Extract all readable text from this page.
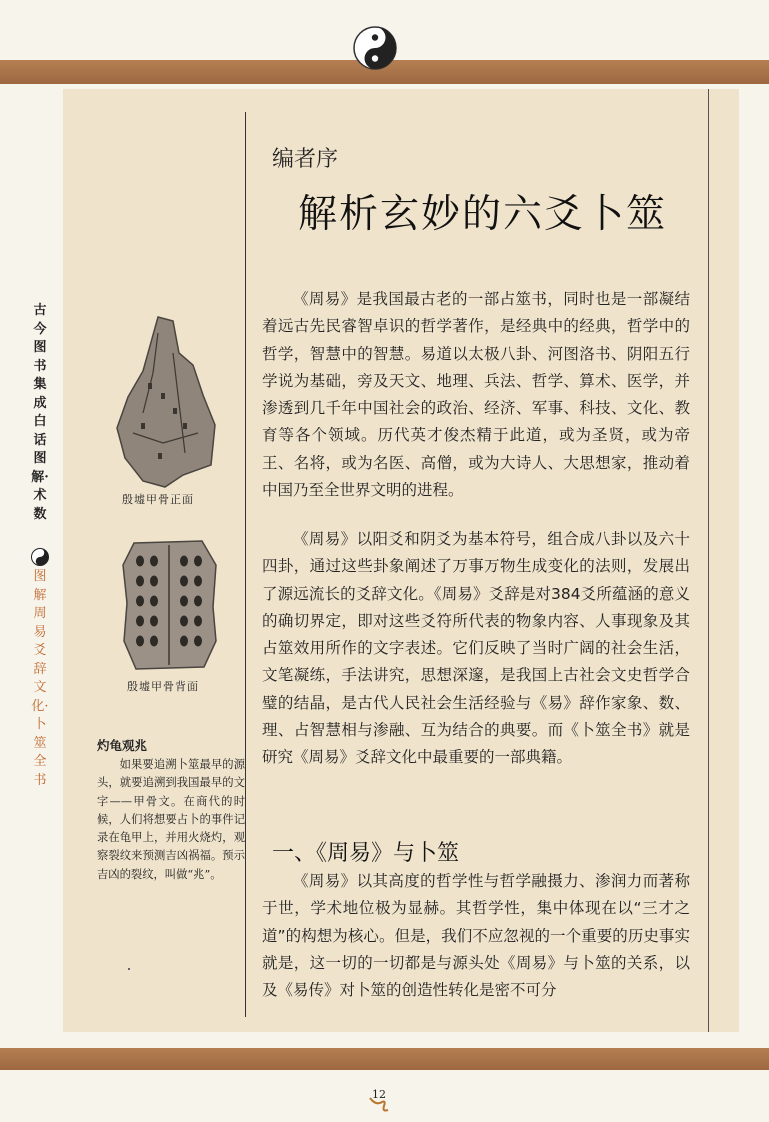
古今图书集成白话图解·术数
图解周易爻辞文化·卜筮全书
殷墟甲骨正面
殷墟甲骨背面
灼龟观兆
如果要追溯卜筮最早的源头，就要追溯到我国最早的文字——甲骨文。在商代的时候，人们将想要占卜的事件记录在龟甲上，并用火烧灼，观察裂纹来预测吉凶祸福。预示吉凶的裂纹，叫做“兆”。
编者序
解析玄妙的六爻卜筮

《周易》是我国最古老的一部占筮书，同时也是一部凝结着远古先民睿智卓识的哲学著作，是经典中的经典，哲学中的哲学，智慧中的智慧。易道以太极八卦、河图洛书、阴阳五行学说为基础，旁及天文、地理、兵法、哲学、算术、医学，并渗透到几千年中国社会的政治、经济、军事、科技、文化、教育等各个领域。历代英才俊杰精于此道，或为圣贤，或为帝王、名将，或为名医、高僧，或为大诗人、大思想家，推动着中国乃至全世界文明的进程。

《周易》以阳爻和阴爻为基本符号，组合成八卦以及六十四卦，通过这些卦象阐述了万事万物生成变化的法则，发展出了源远流长的爻辞文化。《周易》爻辞是对384爻所蕴涵的意义的确切界定，即对这些爻符所代表的物象内容、人事现象及其占筮效用所作的文字表述。它们反映了当时广阔的社会生活，文笔凝练，手法讲究，思想深邃，是我国上古社会文史哲学合璧的结晶，是古代人民社会生活经验与《易》辞作家象、数、理、占智慧相与渗融、互为结合的典要。而《卜筮全书》就是研究《周易》爻辞文化中最重要的一部典籍。

一、《周易》与卜筮

《周易》以其高度的哲学性与哲学融摄力、渗润力而著称于世，学术地位极为显赫。其哲学性，集中体现在以“三才之道”的构想为核心。但是，我们不应忽视的一个重要的历史事实就是，这一切的一切都是与源头处《周易》与卜筮的关系，以及《易传》对卜筮的创造性转化是密不可分

12
